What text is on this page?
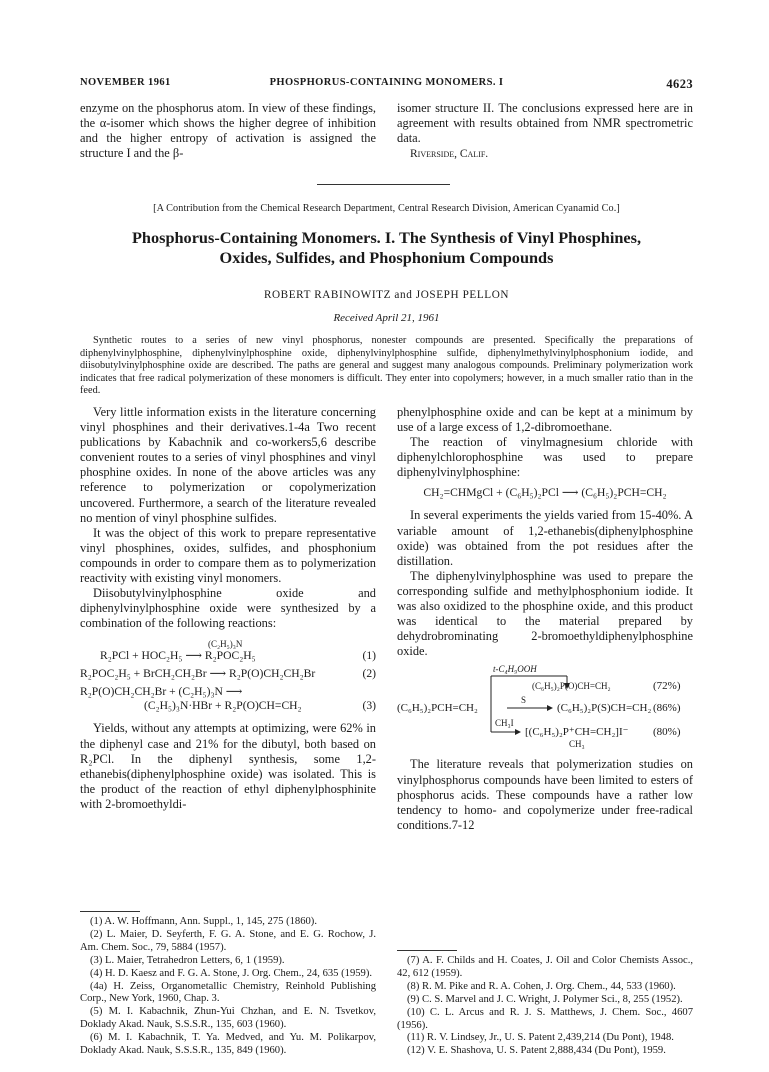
NOVEMBER 1961	PHOSPHORUS-CONTAINING MONOMERS. I	4623

enzyme on the phosphorus atom. In view of these findings, the α-isomer which shows the higher degree of inhibition and the higher entropy of activation is assigned the structure I and the β-

isomer structure II. The conclusions expressed here are in agreement with results obtained from NMR spectrometric data.

Riverside, Calif.
[A Contribution from the Chemical Research Department, Central Research Division, American Cyanamid Co.]
Phosphorus-Containing Monomers. I. The Synthesis of Vinyl Phosphines,
Oxides, Sulfides, and Phosphonium Compounds
ROBERT RABINOWITZ and JOSEPH PELLON
Received April 21, 1961
Synthetic routes to a series of new vinyl phosphorus, nonester compounds are presented. Specifically the preparations of diphenylvinylphosphine, diphenylvinylphosphine oxide, diphenylvinylphosphine sulfide, diphenylmethylvinylphosphonium iodide, and diisobutylvinylphosphine oxide are described. The paths are general and suggest many analogous compounds. Preliminary polymerization work indicates that free radical polymerization of these monomers is difficult. They enter into copolymers; however, in a much smaller ratio than in the feed.

Very little information exists in the literature concerning vinyl phosphines and their derivatives.1-4a Two recent publications by Kabachnik and co-workers5,6 describe convenient routes to a series of vinyl phosphines and vinyl phosphine oxides. In none of the above articles was any reference to polymerization or copolymerization uncovered. Furthermore, a search of the literature revealed no mention of vinyl phosphine sulfides.

It was the object of this work to prepare representative vinyl phosphines, oxides, sulfides, and phosphonium compounds in order to compare them as to polymerization reactivity with existing vinyl monomers.

Diisobutylvinylphosphine oxide and diphenylvinylphosphine oxide were synthesized by a combination of the following reactions:

(C₂H₅)₃N
R₂PCl + HOC₂H₅ ⟶ R₂POC₂H₅	(1)
R₂POC₂H₅ + BrCH₂CH₂Br ⟶ R₂P(O)CH₂CH₂Br	(2)
R₂P(O)CH₂CH₂Br + (C₂H₅)₃N ⟶
(C₂H₅)₃N·HBr + R₂P(O)CH=CH₂	(3)

Yields, without any attempts at optimizing, were 62% in the diphenyl case and 21% for the dibutyl, both based on R₂PCl. In the diphenyl synthesis, some 1,2-ethanebis(diphenylphosphine oxide) was isolated. This is the product of the reaction of ethyl diphenylphosphinite with 2-bromoethyldi-

phenylphosphine oxide and can be kept at a minimum by use of a large excess of 1,2-dibromoethane.

The reaction of vinylmagnesium chloride with diphenylchlorophosphine was used to prepare diphenylvinylphosphine:

CH₂=CHMgCl + (C₆H₅)₂PCl ⟶ (C₆H₅)₂PCH=CH₂

In several experiments the yields varied from 15-40%. A variable amount of 1,2-ethanebis(diphenylphosphine oxide) was obtained from the pot residues after the distillation.

The diphenylvinylphosphine was used to prepare the corresponding sulfide and methylphosphonium iodide. It was also oxidized to the phosphine oxide, and this product was identical to the material prepared by dehydrobrominating 2-bromoethyldiphenylphosphine oxide.

t-C₄H₉OOH
(C₆H₅)₂P(O)CH=CH₂	(72%)
(C₆H₅)₂PCH=CH₂
S
(C₆H₅)₂P(S)CH=CH₂ (86%)
CH₃I
[(C₆H₅)₂P⁺CH=CH₂]I⁻
CH₃
(80%)

The literature reveals that polymerization studies on vinylphosphorus compounds have been limited to esters of phosphorus acids. These compounds have a rather low tendency to homo- and copolymerize under free-radical conditions.7-12

(1) A. W. Hoffmann, Ann. Suppl., 1, 145, 275 (1860).
(2) L. Maier, D. Seyferth, F. G. A. Stone, and E. G. Rochow, J. Am. Chem. Soc., 79, 5884 (1957).
(3) L. Maier, Tetrahedron Letters, 6, 1 (1959).
(4) H. D. Kaesz and F. G. A. Stone, J. Org. Chem., 24, 635 (1959).
(4a) H. Zeiss, Organometallic Chemistry, Reinhold Publishing Corp., New York, 1960, Chap. 3.
(5) M. I. Kabachnik, Zhun-Yui Chzhan, and E. N. Tsvetkov, Doklady Akad. Nauk, S.S.S.R., 135, 603 (1960).
(6) M. I. Kabachnik, T. Ya. Medved, and Yu. M. Polikarpov, Doklady Akad. Nauk, S.S.S.R., 135, 849 (1960).
(7) A. F. Childs and H. Coates, J. Oil and Color Chemists Assoc., 42, 612 (1959).
(8) R. M. Pike and R. A. Cohen, J. Org. Chem., 44, 533 (1960).
(9) C. S. Marvel and J. C. Wright, J. Polymer Sci., 8, 255 (1952).
(10) C. L. Arcus and R. J. S. Matthews, J. Chem. Soc., 4607 (1956).
(11) R. V. Lindsey, Jr., U. S. Patent 2,439,214 (Du Pont), 1948.
(12) V. E. Shashova, U. S. Patent 2,888,434 (Du Pont), 1959.
